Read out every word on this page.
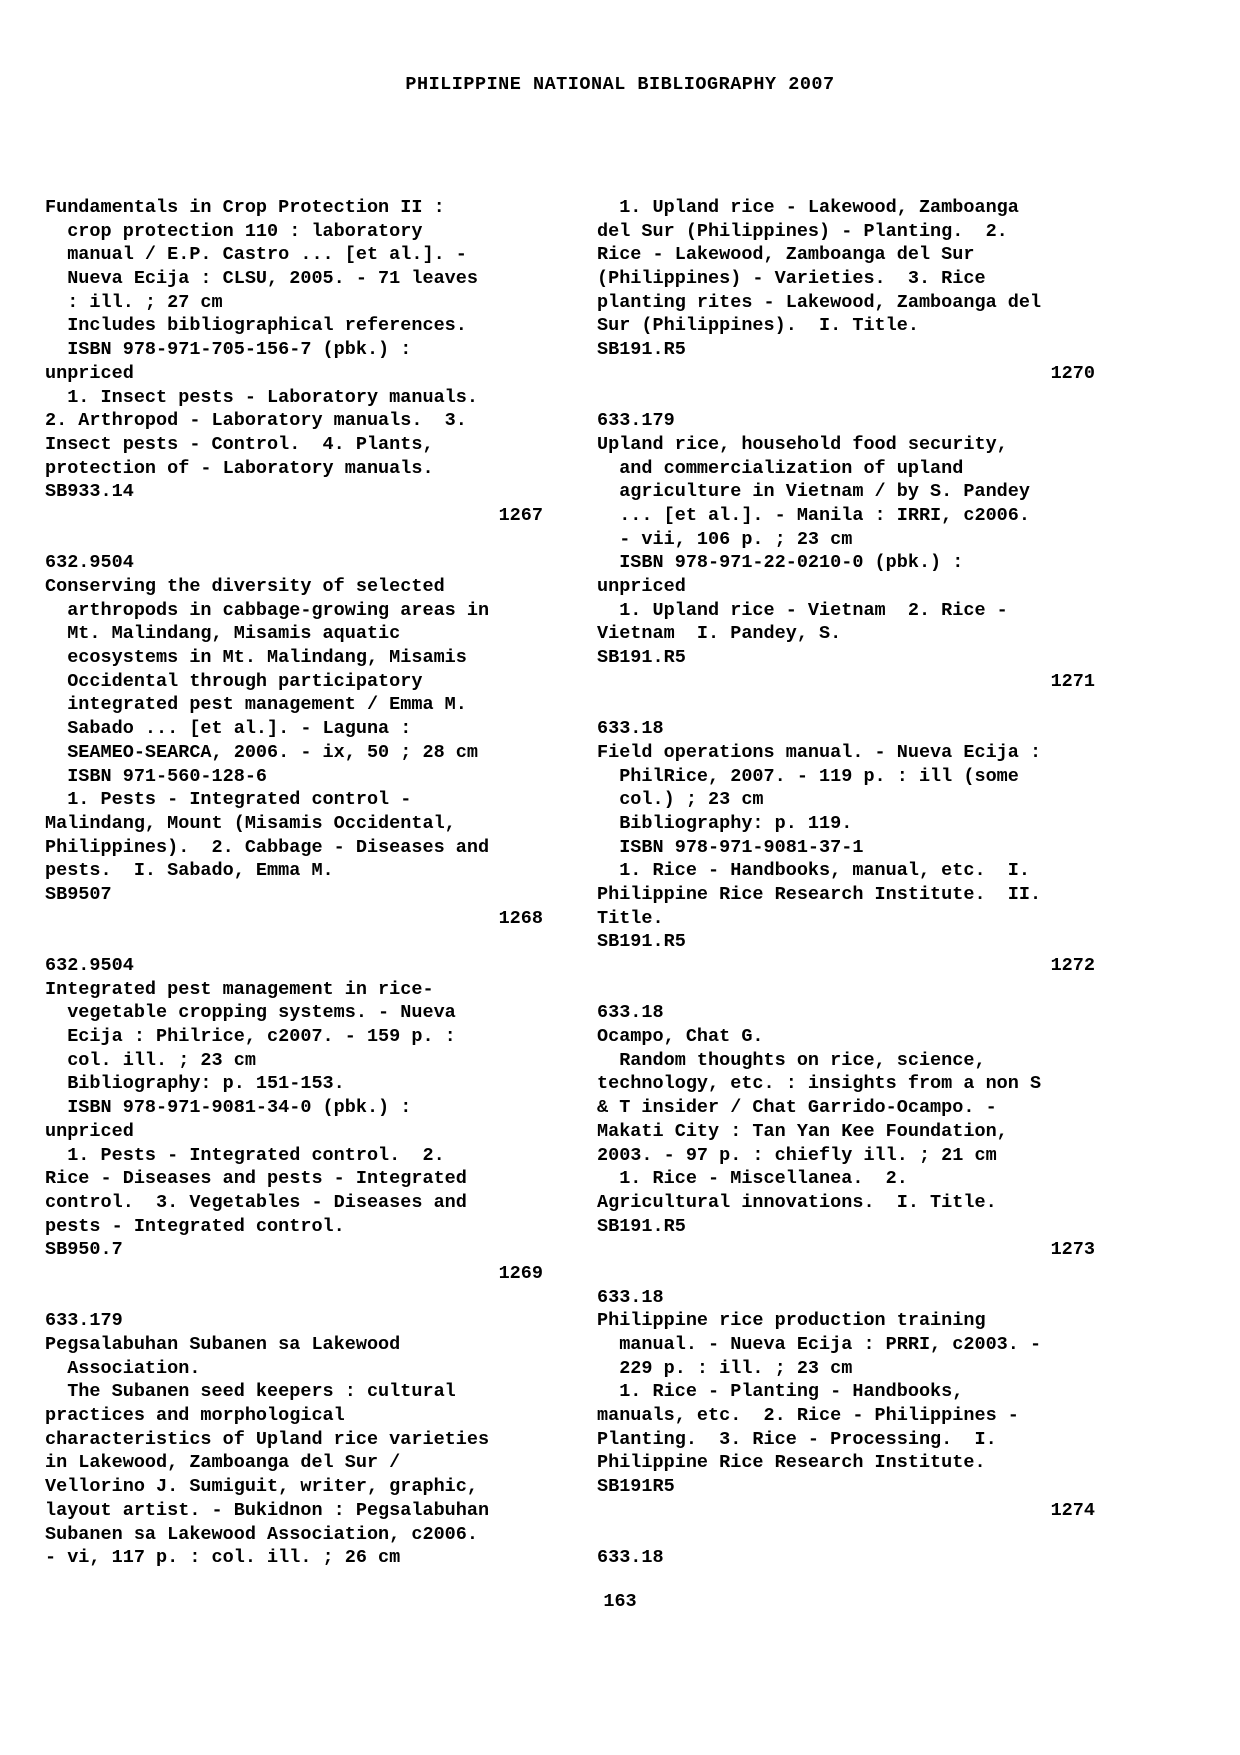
PHILIPPINE NATIONAL BIBLIOGRAPHY 2007
Fundamentals in Crop Protection II :
crop protection 110 : laboratory
manual / E.P. Castro ... [et al.]. -
Nueva Ecija : CLSU, 2005. - 71 leaves
: ill. ; 27 cm
Includes bibliographical references.
ISBN 978-971-705-156-7 (pbk.) :
unpriced
1. Insect pests - Laboratory manuals.
2. Arthropod - Laboratory manuals.  3.
Insect pests - Control.  4. Plants,
protection of - Laboratory manuals.
SB933.14
1267
632.9504
Conserving the diversity of selected
arthropods in cabbage-growing areas in
Mt. Malindang, Misamis aquatic
ecosystems in Mt. Malindang, Misamis
Occidental through participatory
integrated pest management / Emma M.
Sabado ... [et al.]. - Laguna :
SEAMEO-SEARCA, 2006. - ix, 50 ; 28 cm
ISBN 971-560-128-6
1. Pests - Integrated control -
Malindang, Mount (Misamis Occidental,
Philippines).  2. Cabbage - Diseases and
pests.  I. Sabado, Emma M.
SB9507
1268
632.9504
Integrated pest management in rice-
vegetable cropping systems. - Nueva
Ecija : Philrice, c2007. - 159 p. :
col. ill. ; 23 cm
Bibliography: p. 151-153.
ISBN 978-971-9081-34-0 (pbk.) :
unpriced
1. Pests - Integrated control.  2.
Rice - Diseases and pests - Integrated
control.  3. Vegetables - Diseases and
pests - Integrated control.
SB950.7
1269
633.179
Pegsalabuhan Subanen sa Lakewood
Association.
The Subanen seed keepers : cultural
practices and morphological
characteristics of Upland rice varieties
in Lakewood, Zamboanga del Sur /
Vellorino J. Sumiguit, writer, graphic,
layout artist. - Bukidnon : Pegsalabuhan
Subanen sa Lakewood Association, c2006.
- vi, 117 p. : col. ill. ; 26 cm
1. Upland rice - Lakewood, Zamboanga
del Sur (Philippines) - Planting.  2.
Rice - Lakewood, Zamboanga del Sur
(Philippines) - Varieties.  3. Rice
planting rites - Lakewood, Zamboanga del
Sur (Philippines).  I. Title.
SB191.R5
1270
633.179
Upland rice, household food security,
and commercialization of upland
agriculture in Vietnam / by S. Pandey
... [et al.]. - Manila : IRRI, c2006.
- vii, 106 p. ; 23 cm
ISBN 978-971-22-0210-0 (pbk.) :
unpriced
1. Upland rice - Vietnam  2. Rice -
Vietnam  I. Pandey, S.
SB191.R5
1271
633.18
Field operations manual. - Nueva Ecija :
PhilRice, 2007. - 119 p. : ill (some
col.) ; 23 cm
Bibliography: p. 119.
ISBN 978-971-9081-37-1
1. Rice - Handbooks, manual, etc.  I.
Philippine Rice Research Institute.  II.
Title.
SB191.R5
1272
633.18
Ocampo, Chat G.
Random thoughts on rice, science,
technology, etc. : insights from a non S
& T insider / Chat Garrido-Ocampo. -
Makati City : Tan Yan Kee Foundation,
2003. - 97 p. : chiefly ill. ; 21 cm
1. Rice - Miscellanea.  2.
Agricultural innovations.  I. Title.
SB191.R5
1273
633.18
Philippine rice production training
manual. - Nueva Ecija : PRRI, c2003. -
229 p. : ill. ; 23 cm
1. Rice - Planting - Handbooks,
manuals, etc.  2. Rice - Philippines -
Planting.  3. Rice - Processing.  I.
Philippine Rice Research Institute.
SB191R5
1274
633.18
163
